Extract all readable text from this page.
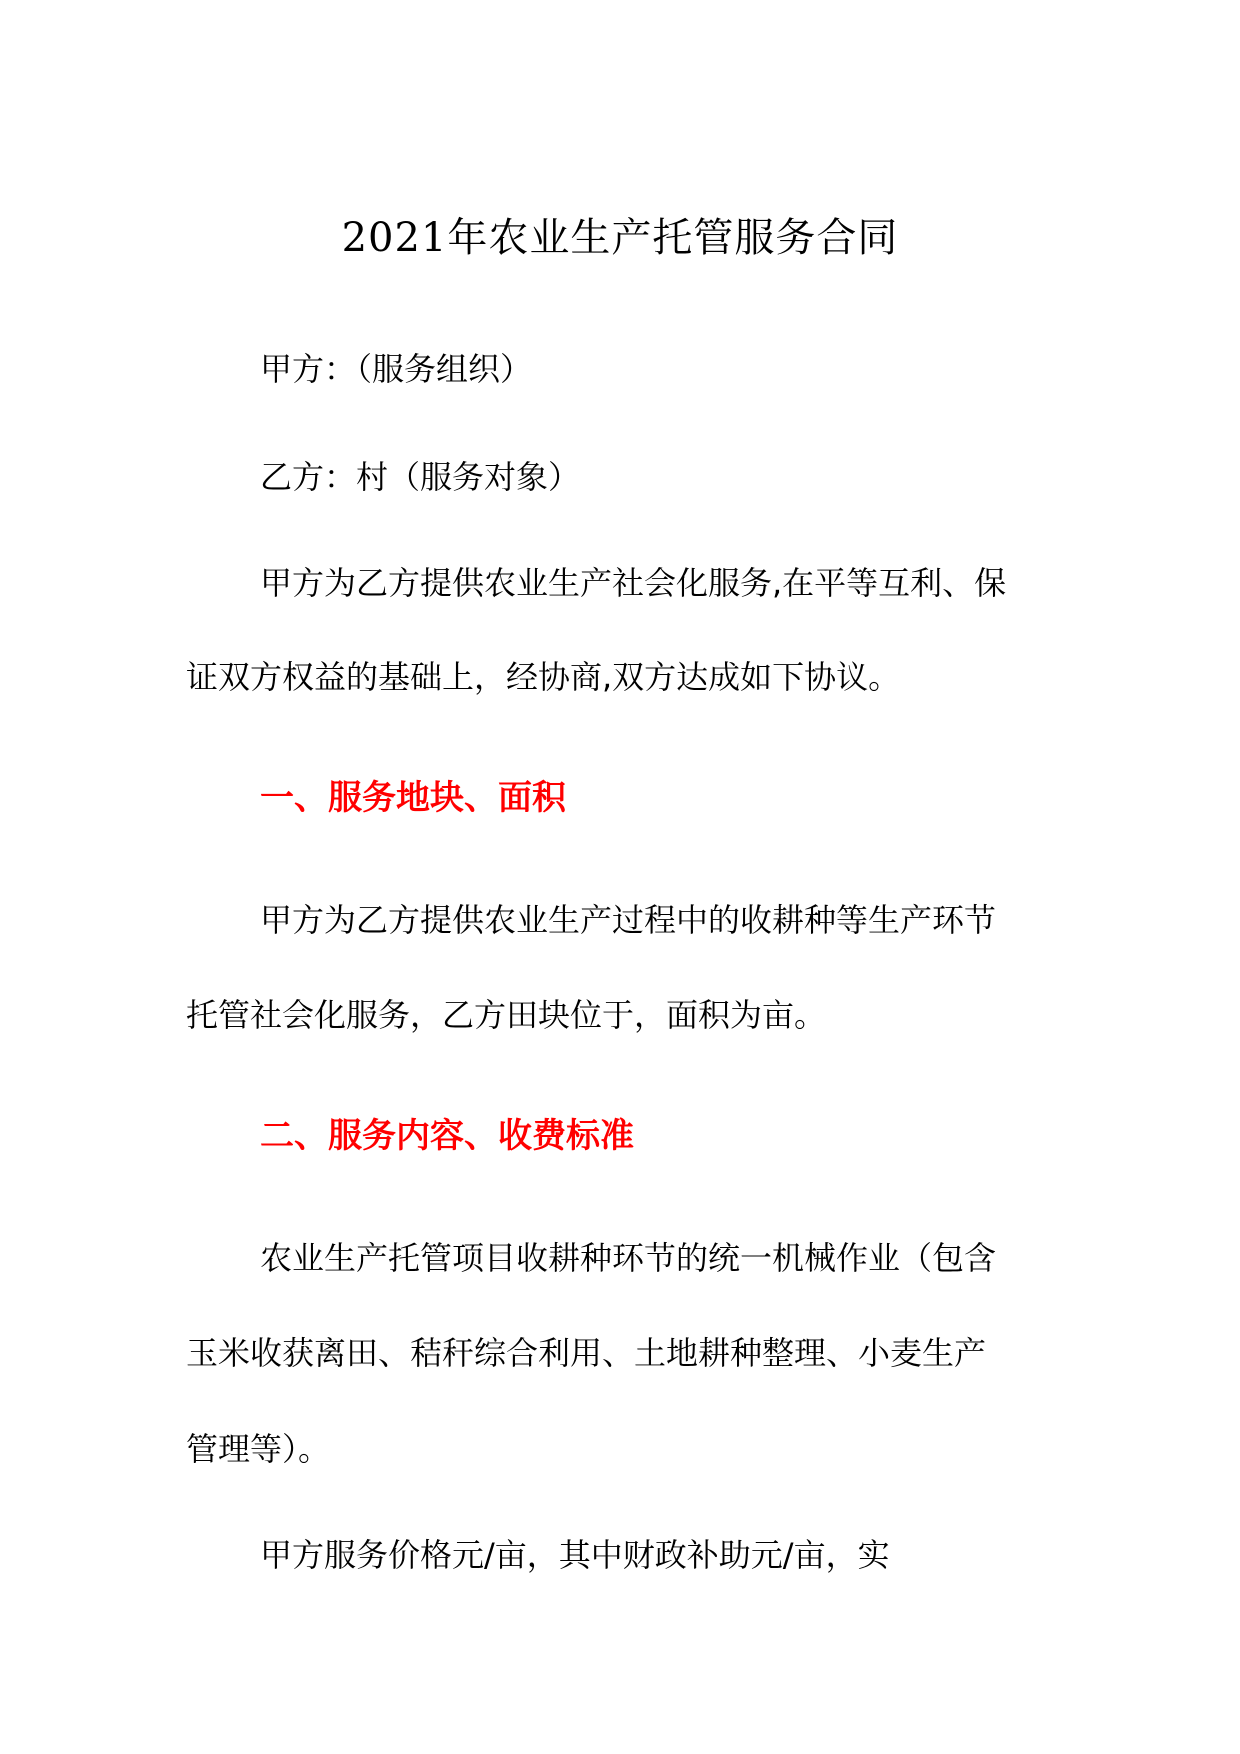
2021年农业生产托管服务合同
甲方：（服务组织）
乙方：村（服务对象）
甲方为乙方提供农业生产社会化服务,在平等互利、保
证双方权益的基础上，经协商,双方达成如下协议。
一、服务地块、面积
甲方为乙方提供农业生产过程中的收耕种等生产环节
托管社会化服务，乙方田块位于，面积为亩。
二、服务内容、收费标准
农业生产托管项目收耕种环节的统一机械作业（包含
玉米收获离田、秸秆综合利用、土地耕种整理、小麦生产
管理等）。
甲方服务价格元/亩，其中财政补助元/亩，实
